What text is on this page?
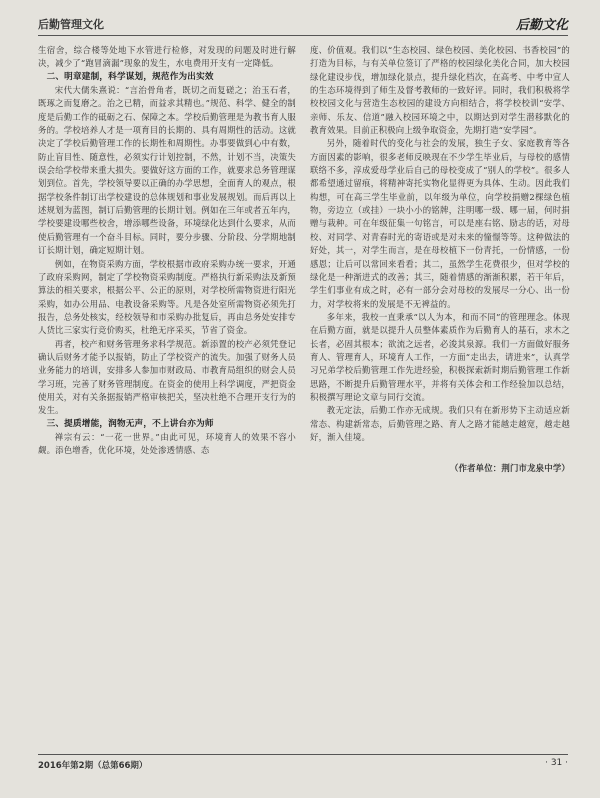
后勤管理文化	后勤文化

生宿舍，综合楼等处地下水管进行检修，对发现的问题及时进行解决，减少了“跑冒滴漏”现象的发生，水电费用开支有一定降低。

二、明章建制，科学谋划，规范作为出实效

宋代大儒朱熹说：“言治骨角者，既切之而复磋之；治玉石者，既琢之而复磨之。治之已精，而益求其精也。”规范、科学、健全的制度是后勤工作的砥砺之石、保障之本。学校后勤管理是为教书育人服务的。学校培养人才是一项育目的长期的、具有周期性的活动。这就决定了学校后勤管理工作的长期性和周期性。办事要做到心中有数，防止盲目性、随意性，必须实行计划控制，不然，计划不当，决策失误会给学校带来重大损失。要做好这方面的工作，就要求总务管理谋划到位。首先，学校领导要以正确的办学思想，全面育人的观点，根据学校条件制订出学校建设的总体规划和事业发展规划。而后再以上述规划为蓝图，制订后勤管理的长期计划。例如在三年或者五年内，学校要建设哪些校舍，增添哪些设备，环境绿化达到什么要求，从而使后勤管理有一个奋斗目标。同时，要分步骤、分阶段、分学期地制订长期计划，确定短期计划。

例如，在物资采购方面，学校根据市政府采购办统一要求，开通了政府采购网，制定了学校物资采购制度。严格执行新采购法及新预算法的相关要求，根据公平、公正的原则，对学校所需物资进行阳光采购，如办公用品、电教设备采购等。凡是各处室所需物资必须先打报告，总务处核实，经校领导和市采购办批复后，再由总务处安排专人货比三家实行竞价购买，杜绝无序采买，节省了资金。

再者，校产和财务管理务求科学规范。新添置的校产必须凭登记确认后财务才能予以报销，防止了学校资产的流失。加强了财务人员业务能力的培训，安排多人参加市财政局、市教育局组织的财会人员学习班，完善了财务管理制度。在资金的使用上科学调度，严把资金使用关，对有关条据报销严格审核把关，坚决杜绝不合理开支行为的发生。

三、提质增能，润物无声，不上讲台亦为师

禅宗有云：“一花一世界。”由此可见，环境育人的效果不容小觑。添色增香，优化环境，处处渗透情感、态

度、价值观。我们以“生态校园、绿色校园、美化校园、书香校园”的打造为目标，与有关单位签订了严格的校园绿化美化合同，加大校园绿化建设步伐，增加绿化景点，提升绿化档次，在高考、中考中宣人的生态环境得到了师生及督考教师的一致好评。同时，我们积极将学校校园文化与营造生态校园的建设方向相结合，将学校校训“安学、亲师、乐友、信道”融入校园环境之中，以期达到对学生潜移默化的教育效果。目前正积极向上级争取资金，先期打造“安学园”。

另外，随着时代的变化与社会的发展，独生子女、家庭教育等各方面因素的影响，很多老师反映现在不少学生毕业后，与母校的感情联络不多，淳成爱母学业后自己的母校变成了“别人的学校”。很多人都希望通过留痕，将精神寄托实物化显得更为具体、生动。因此我们构想，可在高三学生毕业前，以年级为单位，向学校捐赠2棵绿色植物，旁边立（或挂）一块小小的铭牌，注明哪一级、哪一届，何时捐赠与栽种。可在年级征集一句铭言，可以是座右铭、励志的话，对母校、对同学、对青春时光的寄语或是对未来的憧憬等等。这种做法的好处，其一，对学生而言，是在母校植下一份青托，一份情感，一份感恩；让后可以常回来看看；其二，虽然学生花费很少，但对学校的绿化是一种渐进式的改善；其三，随着情感的渐渐积累，若干年后，学生们事业有成之时，必有一部分会对母校的发展尽一分心、出一份力，对学校将来的发展是不无裨益的。

多年来，我校一直秉承“以人为本，和而不同”的管理理念。体现在后勤方面，就是以提升人员整体素质作为后勤育人的基石，求木之长者，必固其根本；欲流之远者，必浚其泉源。我们一方面做好服务育人、管理育人，环境育人工作，一方面“走出去，请进来”，认真学习兄弟学校后勤管理工作先进经验，积极探索新时期后勤管理工作新思路，不断提升后勤管理水平，并将有关体会和工作经验加以总结，积极撰写理论文章与同行交流。

教无定法，后勤工作亦无成规。我们只有在新形势下主动适应新常态、构建新常态，后勤管理之路、育人之路才能越走越宽，越走越好，渐入佳境。

（作者单位：荆门市龙泉中学）
2016年第2期（总第66期）	· 31 ·
